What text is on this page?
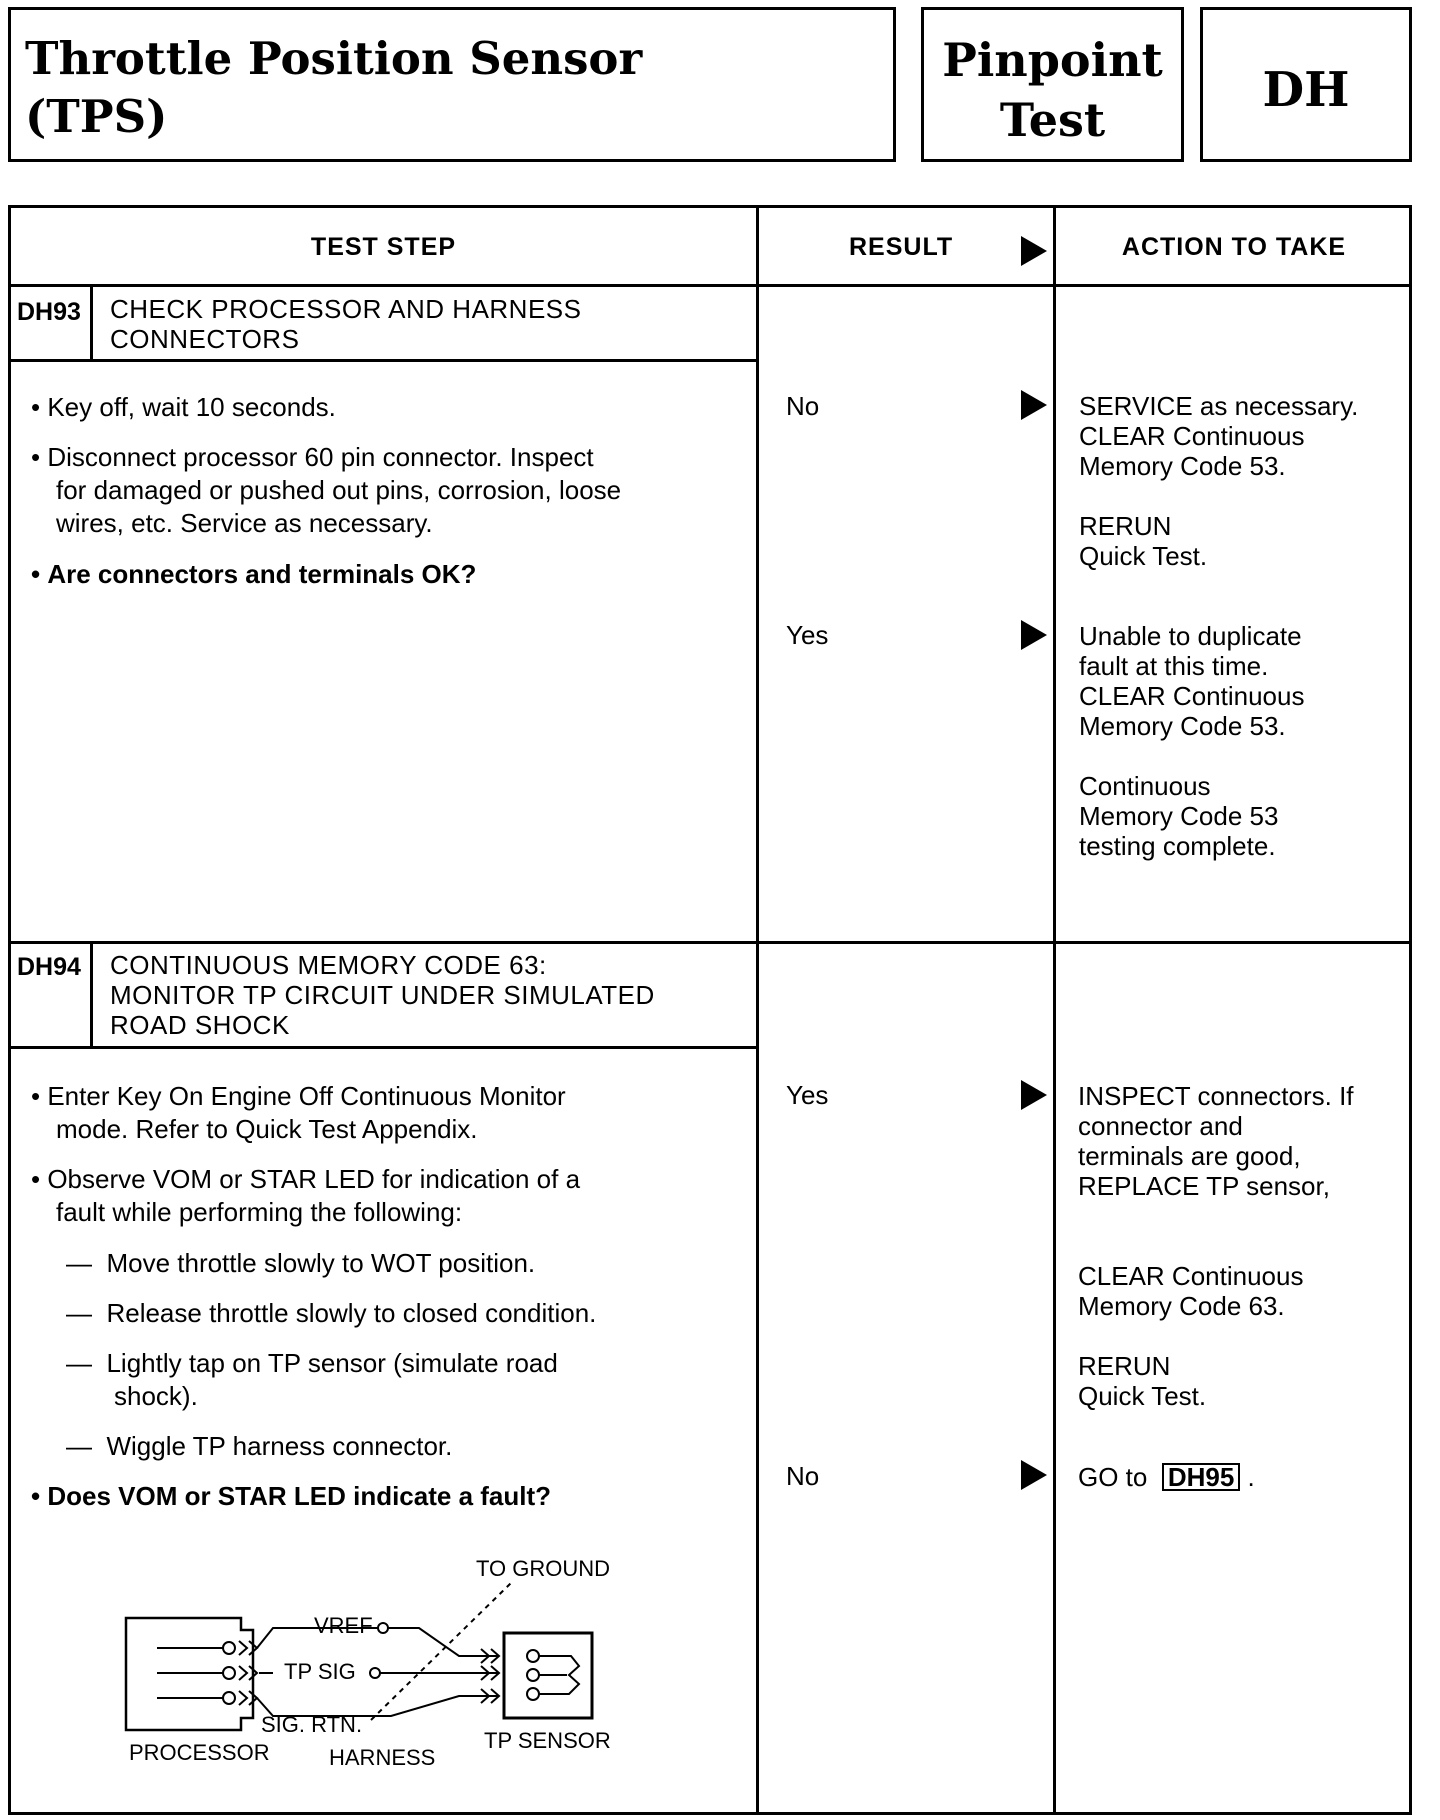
Throttle Position Sensor
(TPS)
Pinpoint
Test
DH
TEST STEP	RESULT	ACTION TO TAKE
DH93 CHECK PROCESSOR AND HARNESS
CONNECTORS
• Key off, wait 10 seconds.
• Disconnect processor 60 pin connector. Inspect
for damaged or pushed out pins, corrosion, loose
wires, etc. Service as necessary.
• Are connectors and terminals OK?
No	SERVICE as necessary.
CLEAR Continuous
Memory Code 53.
RERUN
Quick Test.
Yes	Unable to duplicate
fault at this time.
CLEAR Continuous
Memory Code 53.
Continuous
Memory Code 53
testing complete.
DH94 CONTINUOUS MEMORY CODE 63:
MONITOR TP CIRCUIT UNDER SIMULATED
ROAD SHOCK
• Enter Key On Engine Off Continuous Monitor
mode. Refer to Quick Test Appendix.
• Observe VOM or STAR LED for indication of a
fault while performing the following:
—  Move throttle slowly to WOT position.
—  Release throttle slowly to closed condition.
—  Lightly tap on TP sensor (simulate road
shock).
—  Wiggle TP harness connector.
• Does VOM or STAR LED indicate a fault?
Yes	INSPECT connectors. If
connector and
terminals are good,
REPLACE TP sensor,
CLEAR Continuous
Memory Code 63.
RERUN
Quick Test.
No	GO to DH95 .
TO GROUND
VREF
TP SIG
SIG. RTN.
PROCESSOR	HARNESS
TP SENSOR
